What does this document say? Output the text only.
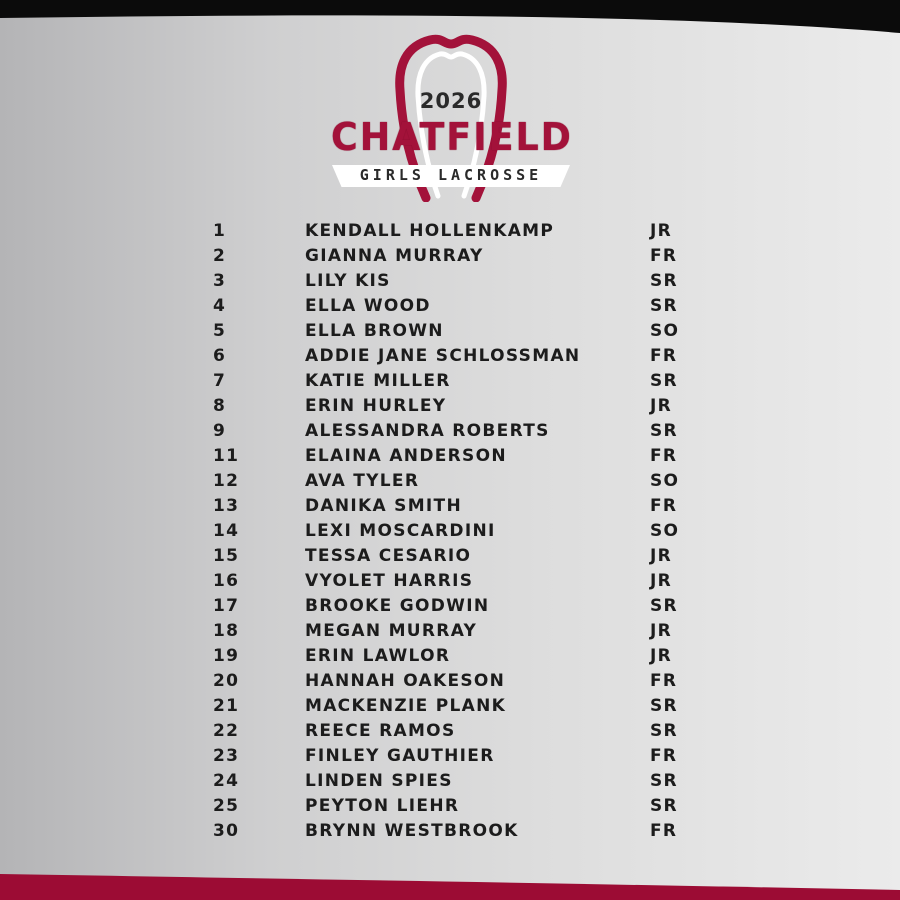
2026
CHATFIELD
GIRLS LACROSSE
1	KENDALL HOLLENKAMP	JR
2	GIANNA MURRAY	FR
3	LILY KIS	SR
4	ELLA WOOD	SR
5	ELLA BROWN	SO
6	ADDIE JANE SCHLOSSMAN	FR
7	KATIE MILLER	SR
8	ERIN HURLEY	JR
9	ALESSANDRA ROBERTS	SR
11	ELAINA ANDERSON	FR
12	AVA TYLER	SO
13	DANIKA SMITH	FR
14	LEXI MOSCARDINI	SO
15	TESSA CESARIO	JR
16	VYOLET HARRIS	JR
17	BROOKE GODWIN	SR
18	MEGAN MURRAY	JR
19	ERIN LAWLOR	JR
20	HANNAH OAKESON	FR
21	MACKENZIE PLANK	SR
22	REECE RAMOS	SR
23	FINLEY GAUTHIER	FR
24	LINDEN SPIES	SR
25	PEYTON LIEHR	SR
30	BRYNN WESTBROOK	FR
